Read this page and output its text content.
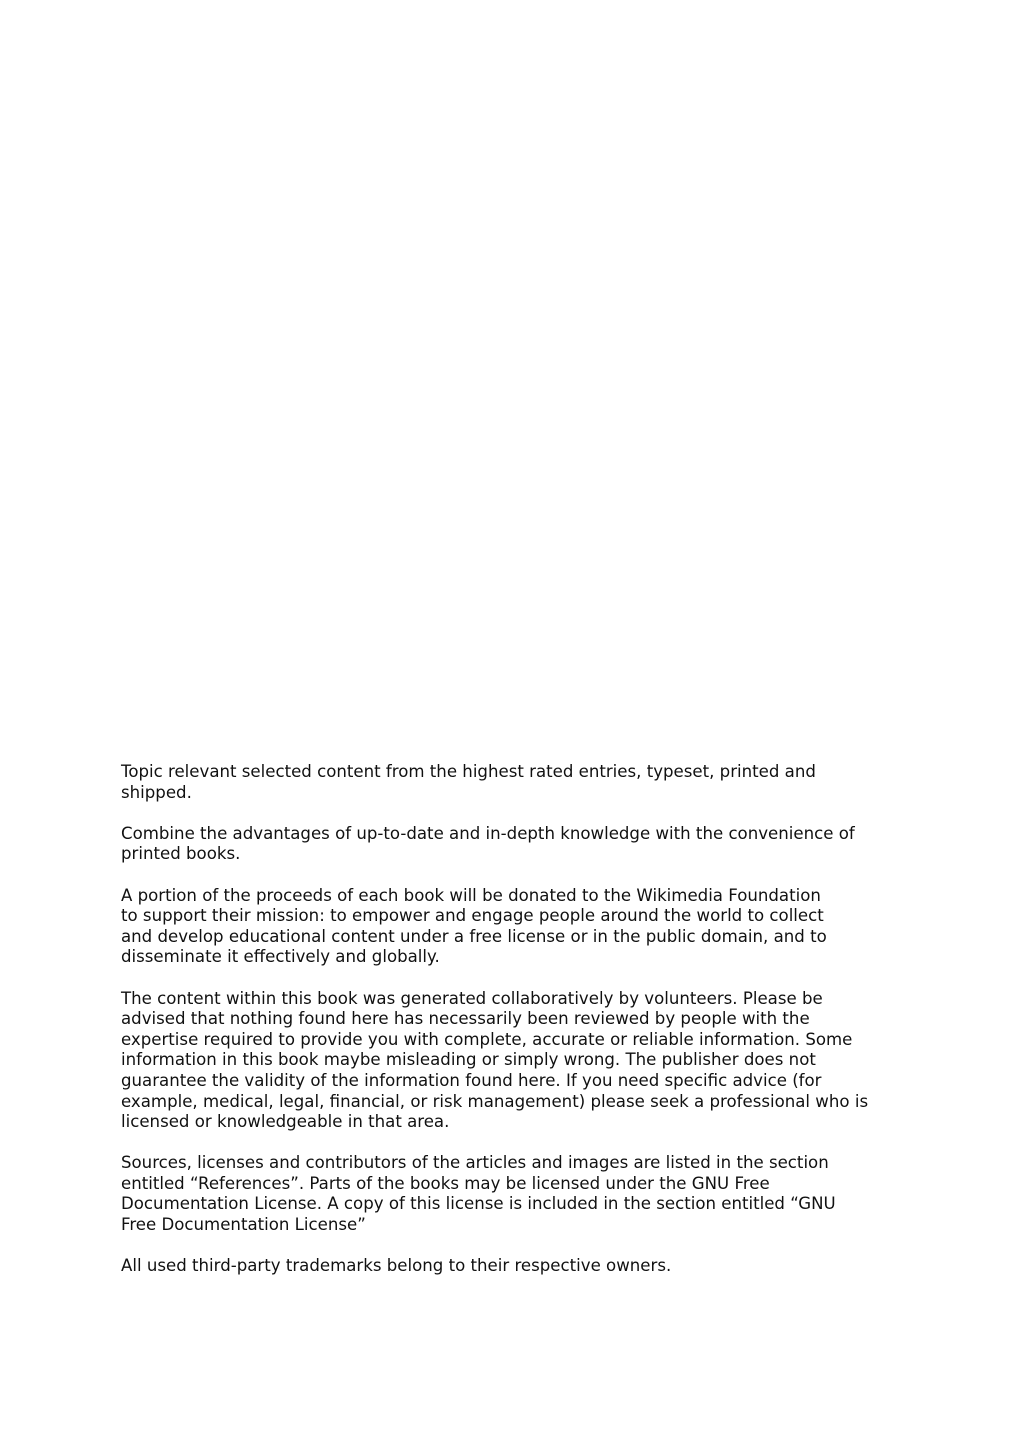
Topic relevant selected content from the highest rated entries, typeset, printed and
shipped.

Combine the advantages of up-to-date and in-depth knowledge with the convenience of
printed books.

A portion of the proceeds of each book will be donated to the Wikimedia Foundation
to support their mission: to empower and engage people around the world to collect
and develop educational content under a free license or in the public domain, and to
disseminate it effectively and globally.

The content within this book was generated collaboratively by volunteers. Please be
advised that nothing found here has necessarily been reviewed by people with the
expertise required to provide you with complete, accurate or reliable information. Some
information in this book maybe misleading or simply wrong. The publisher does not
guarantee the validity of the information found here. If you need specific advice (for
example, medical, legal, financial, or risk management) please seek a professional who is
licensed or knowledgeable in that area.

Sources, licenses and contributors of the articles and images are listed in the section
entitled “References”. Parts of the books may be licensed under the GNU Free
Documentation License. A copy of this license is included in the section entitled “GNU
Free Documentation License”

All used third-party trademarks belong to their respective owners.
